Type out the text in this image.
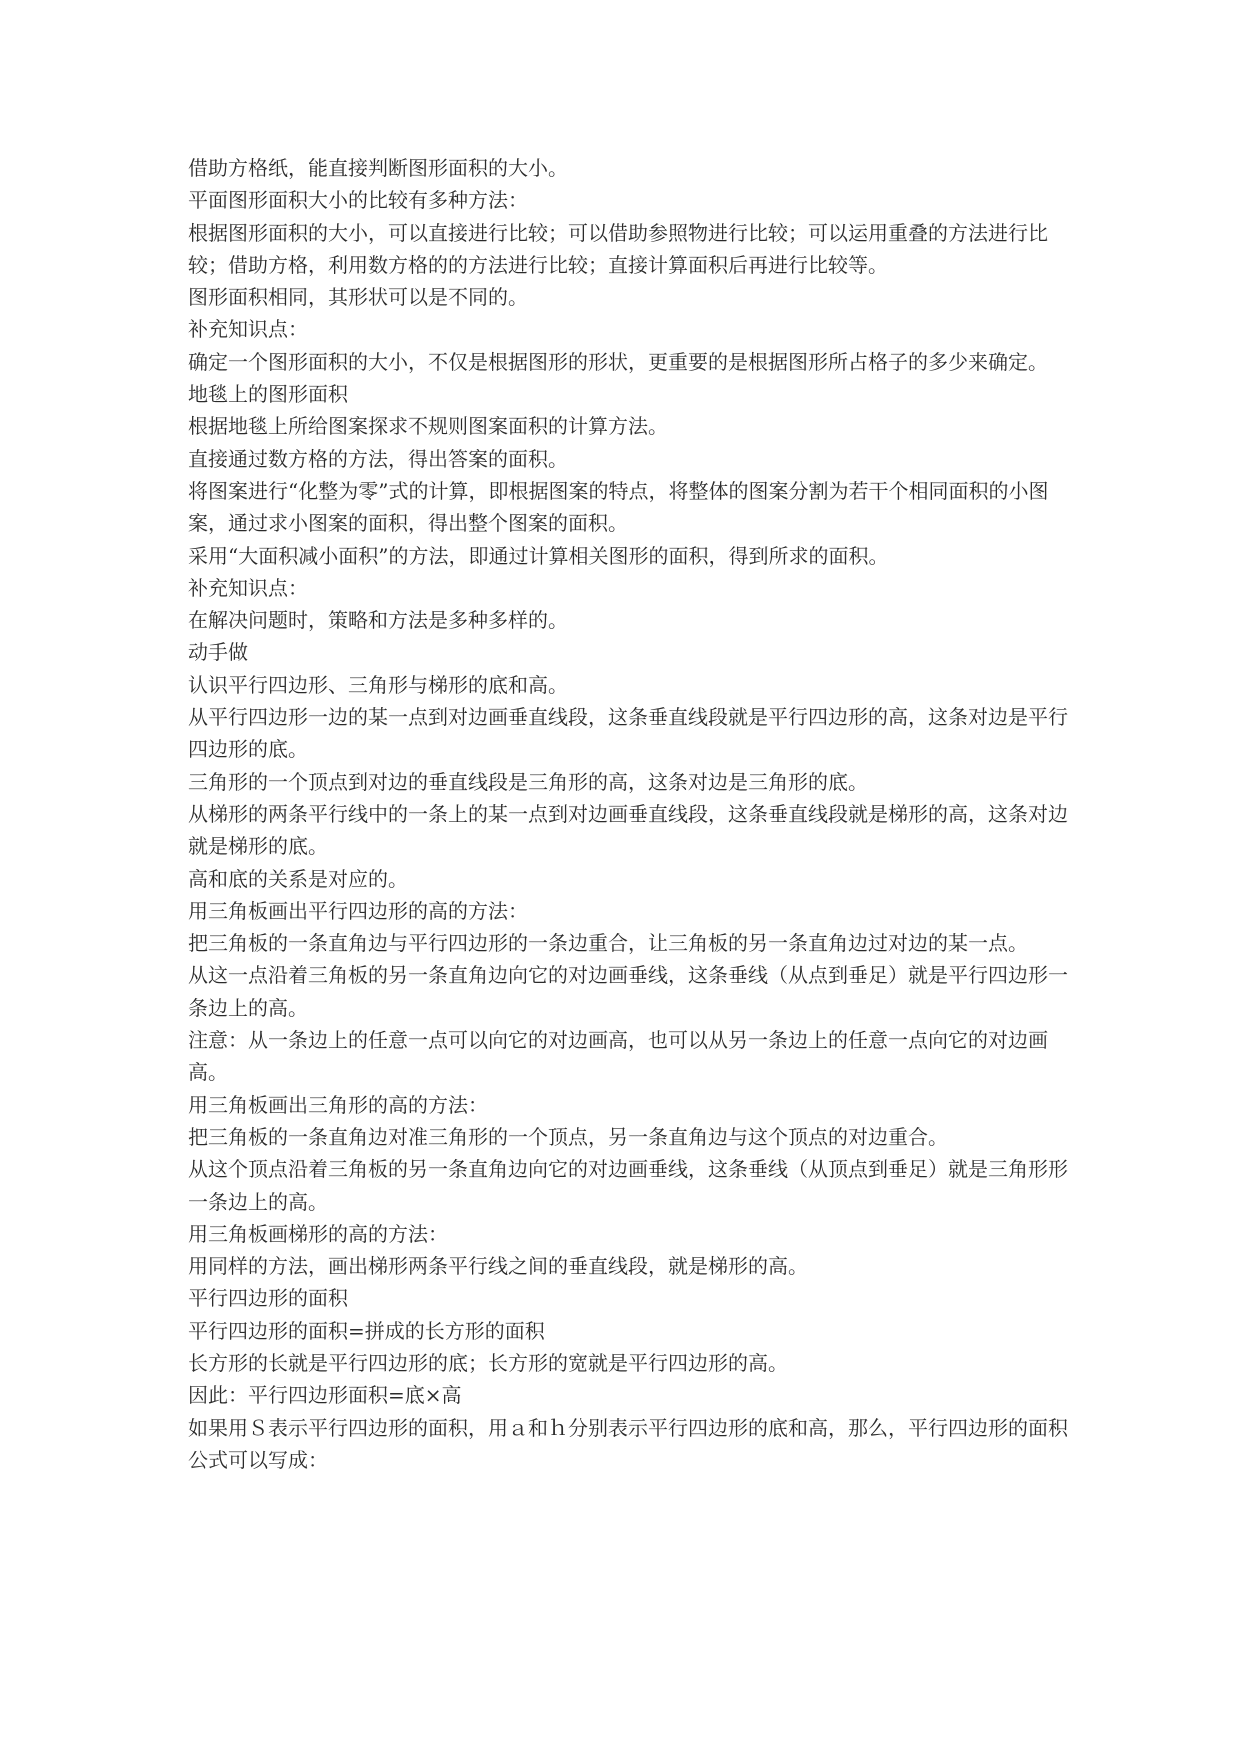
借助方格纸，能直接判断图形面积的大小。

平面图形面积大小的比较有多种方法：

根据图形面积的大小，可以直接进行比较；可以借助参照物进行比较；可以运用重叠的方法进行比较；借助方格，利用数方格的的方法进行比较；直接计算面积后再进行比较等。

图形面积相同，其形状可以是不同的。

补充知识点：

确定一个图形面积的大小，不仅是根据图形的形状，更重要的是根据图形所占格子的多少来确定。

地毯上的图形面积

根据地毯上所给图案探求不规则图案面积的计算方法。

直接通过数方格的方法，得出答案的面积。

将图案进行“化整为零”式的计算，即根据图案的特点，将整体的图案分割为若干个相同面积的小图案，通过求小图案的面积，得出整个图案的面积。

采用“大面积减小面积”的方法，即通过计算相关图形的面积，得到所求的面积。

补充知识点：

在解决问题时，策略和方法是多种多样的。

动手做

认识平行四边形、三角形与梯形的底和高。

从平行四边形一边的某一点到对边画垂直线段，这条垂直线段就是平行四边形的高，这条对边是平行四边形的底。

三角形的一个顶点到对边的垂直线段是三角形的高，这条对边是三角形的底。

从梯形的两条平行线中的一条上的某一点到对边画垂直线段，这条垂直线段就是梯形的高，这条对边就是梯形的底。

高和底的关系是对应的。

用三角板画出平行四边形的高的方法：

把三角板的一条直角边与平行四边形的一条边重合，让三角板的另一条直角边过对边的某一点。

从这一点沿着三角板的另一条直角边向它的对边画垂线，这条垂线（从点到垂足）就是平行四边形一条边上的高。

注意：从一条边上的任意一点可以向它的对边画高，也可以从另一条边上的任意一点向它的对边画高。

用三角板画出三角形的高的方法：

把三角板的一条直角边对准三角形的一个顶点，另一条直角边与这个顶点的对边重合。

从这个顶点沿着三角板的另一条直角边向它的对边画垂线，这条垂线（从顶点到垂足）就是三角形形一条边上的高。

用三角板画梯形的高的方法：

用同样的方法，画出梯形两条平行线之间的垂直线段，就是梯形的高。

平行四边形的面积

平行四边形的面积=拼成的长方形的面积

长方形的长就是平行四边形的底；长方形的宽就是平行四边形的高。

因此：平行四边形面积=底×高

如果用Ｓ表示平行四边形的面积，用ａ和ｈ分别表示平行四边形的底和高，那么，平行四边形的面积公式可以写成：
